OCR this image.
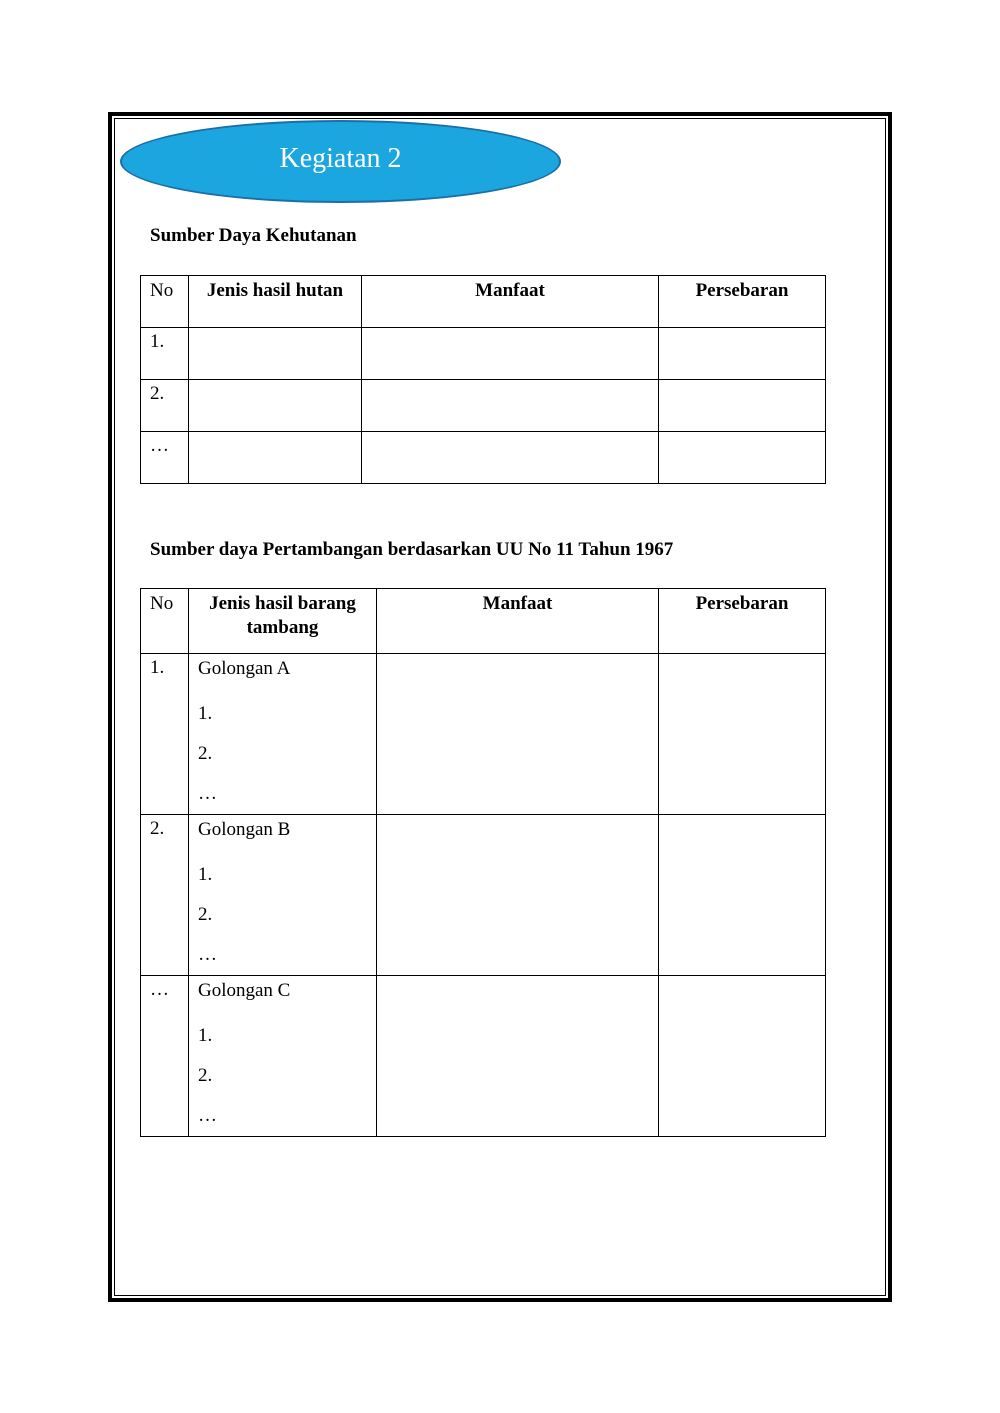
Kegiatan 2
Sumber Daya Kehutanan
No	Jenis hasil hutan	Manfaat	Persebaran
1.			
2.			
…			
Sumber daya Pertambangan berdasarkan UU No 11 Tahun 1967
No	Jenis hasil barang tambang	Manfaat	Persebaran
1.	Golongan A
1.
2.
…		

2.	Golongan B
1.
2.
…		

…	Golongan C
1.
2.
…		
